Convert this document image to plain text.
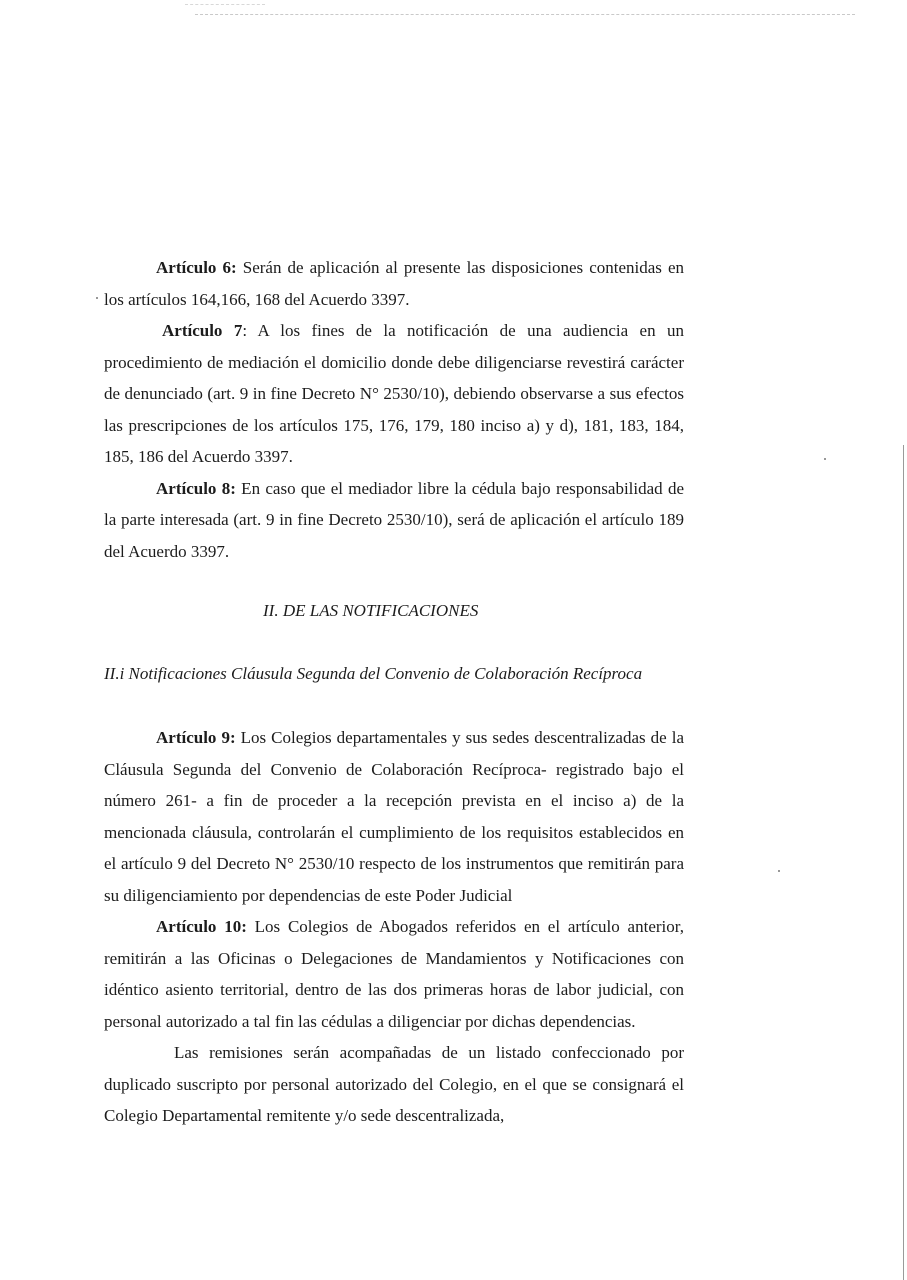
Artículo 6: Serán de aplicación al presente las disposiciones contenidas en los artículos 164,166, 168 del Acuerdo 3397.

Artículo 7: A los fines de la notificación de una audiencia en un procedimiento de mediación el domicilio donde debe diligenciarse revestirá carácter de denunciado (art. 9 in fine Decreto N° 2530/10), debiendo observarse a sus efectos las prescripciones de los artículos 175, 176, 179, 180 inciso a) y d), 181, 183, 184, 185, 186 del Acuerdo 3397.

Artículo 8: En caso que el mediador libre la cédula bajo responsabilidad de la parte interesada (art. 9 in fine Decreto 2530/10), será de aplicación el artículo 189 del Acuerdo 3397.

II. DE LAS NOTIFICACIONES
II.i Notificaciones Cláusula Segunda del Convenio de Colaboración Recíproca

Artículo 9: Los Colegios departamentales y sus sedes descentralizadas de la Cláusula Segunda del Convenio de Colaboración Recíproca- registrado bajo el número 261- a fin de proceder a la recepción prevista en el inciso a) de la mencionada cláusula, controlarán el cumplimiento de los requisitos establecidos en el artículo 9 del Decreto N° 2530/10 respecto de los instrumentos que remitirán para su diligenciamiento por dependencias de este Poder Judicial

Artículo 10: Los Colegios de Abogados referidos en el artículo anterior, remitirán a las Oficinas o Delegaciones de Mandamientos y Notificaciones con idéntico asiento territorial, dentro de las dos primeras horas de labor judicial, con personal autorizado a tal fin las cédulas a diligenciar por dichas dependencias.

Las remisiones serán acompañadas de un listado confeccionado por duplicado suscripto por personal autorizado del Colegio, en el que se consignará el Colegio Departamental remitente y/o sede descentralizada,
